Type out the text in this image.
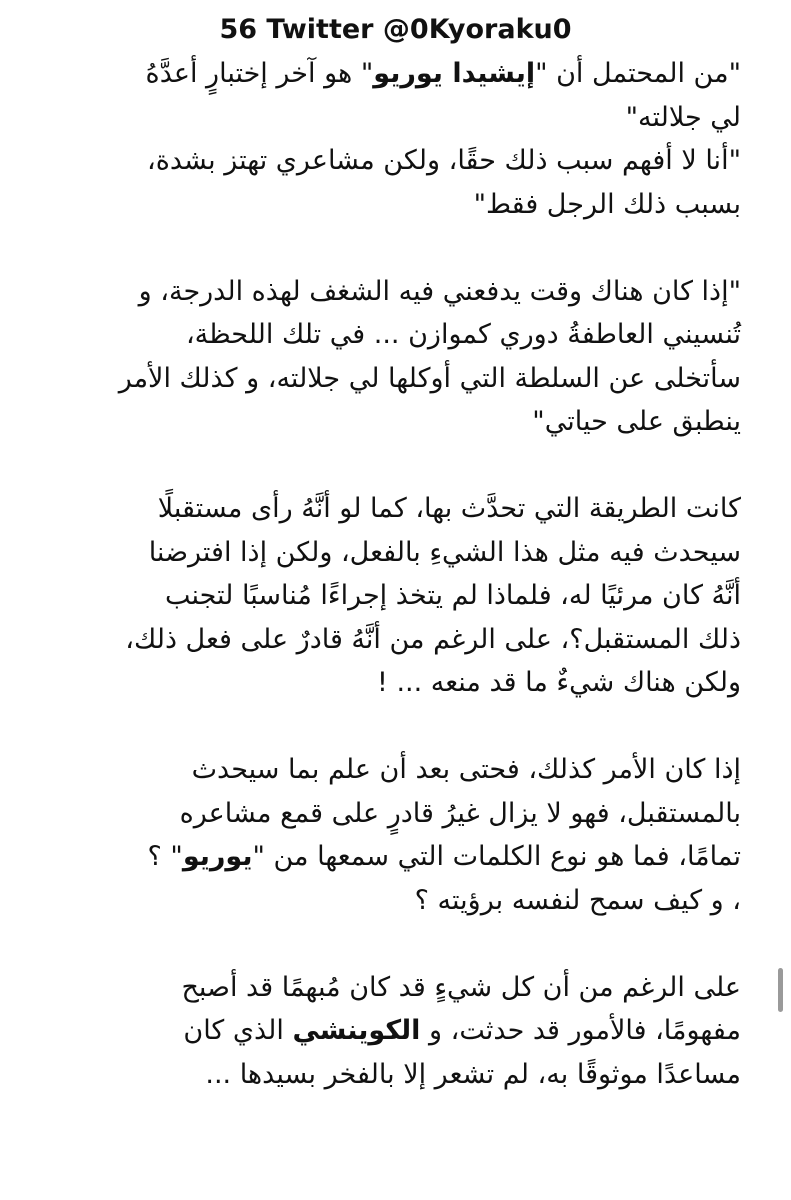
56 Twitter @0Kyoraku0
"من المحتمل أن "إيشيدا يوريو" هو آخر إختبارٍ أعدَّهُ
لي جلالته"
"أنا لا أفهم سبب ذلك حقًا، ولكن مشاعري تهتز بشدة،
بسبب ذلك الرجل فقط"
"إذا كان هناك وقت يدفعني فيه الشغف لهذه الدرجة، و
تُنسيني العاطفةُ دوري كموازن ... في تلك اللحظة،
سأتخلى عن السلطة التي أوكلها لي جلالته، و كذلك الأمر
ينطبق على حياتي"
كانت الطريقة التي تحدَّث بها، كما لو أنَّهُ رأى مستقبلًا
سيحدث فيه مثل هذا الشيءِ بالفعل، ولكن إذا افترضنا
أنَّهُ كان مرئيًا له، فلماذا لم يتخذ إجراءًا مُناسبًا لتجنب
ذلك المستقبل؟، على الرغم من أنَّهُ قادرٌ على فعل ذلك،
ولكن هناك شيءٌ ما قد منعه ... !
إذا كان الأمر كذلك، فحتى بعد أن علم بما سيحدث
بالمستقبل، فهو لا يزال غيرُ قادرٍ على قمع مشاعره
تمامًا، فما هو نوع الكلمات التي سمعها من "يوريو" ؟
، و كيف سمح لنفسه برؤيته ؟
على الرغم من أن كل شيءٍ قد كان مُبهمًا قد أصبح
مفهومًا، فالأمور قد حدثت، و الكوينشي الذي كان
مساعدًا موثوقًا به، لم تشعر إلا بالفخر بسيدها ...
